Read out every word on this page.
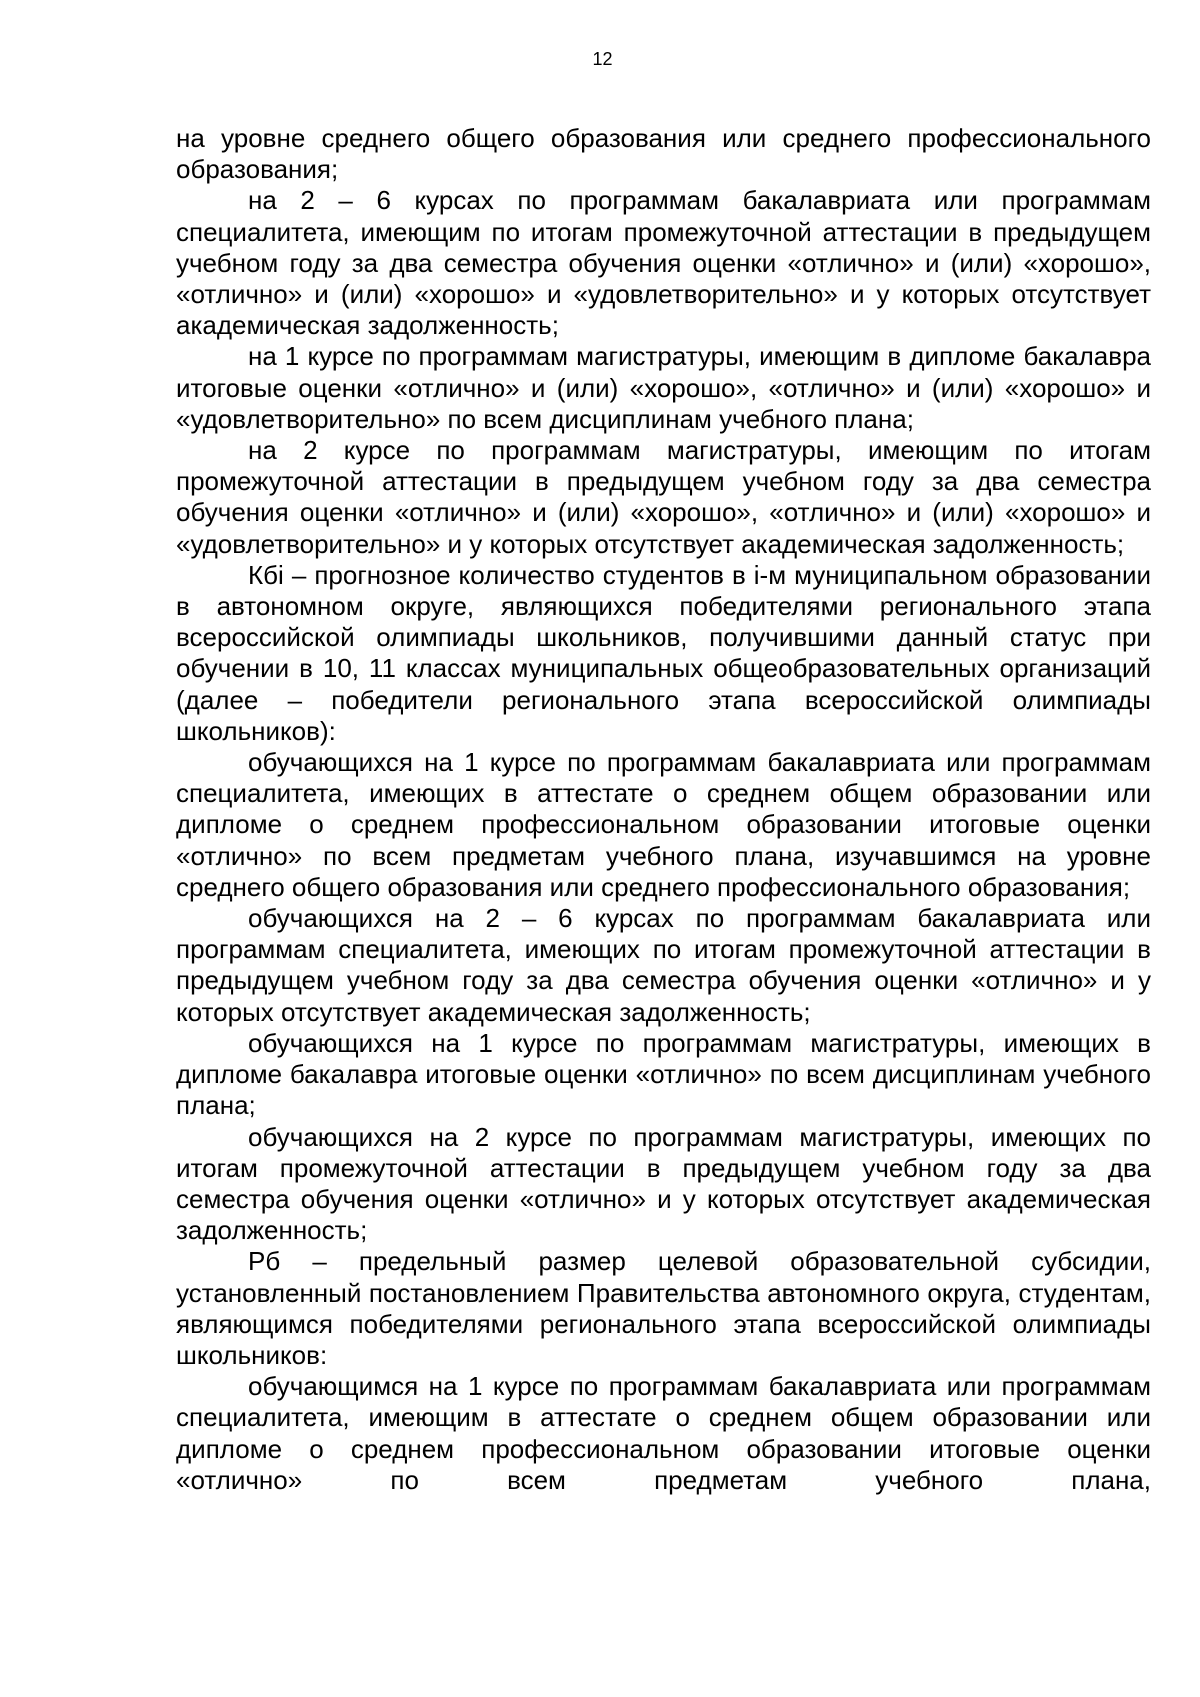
12

на уровне среднего общего образования или среднего профессионального образования;

на 2 – 6 курсах по программам бакалавриата или программам специалитета, имеющим по итогам промежуточной аттестации в предыдущем учебном году за два семестра обучения оценки «отлично» и (или) «хорошо», «отлично» и (или) «хорошо» и «удовлетворительно» и у которых отсутствует академическая задолженность;

на 1 курсе по программам магистратуры, имеющим в дипломе бакалавра итоговые оценки «отлично» и (или) «хорошо», «отлично» и (или) «хорошо» и «удовлетворительно» по всем дисциплинам учебного плана;

на 2 курсе по программам магистратуры, имеющим по итогам промежуточной аттестации в предыдущем учебном году за два семестра обучения оценки «отлично» и (или) «хорошо», «отлично» и (или) «хорошо» и «удовлетворительно» и у которых отсутствует академическая задолженность;

Кбi – прогнозное количество студентов в i-м муниципальном образовании в автономном округе, являющихся победителями регионального этапа всероссийской олимпиады школьников, получившими данный статус при обучении в 10, 11 классах муниципальных общеобразовательных организаций (далее – победители регионального этапа всероссийской олимпиады школьников):

обучающихся на 1 курсе по программам бакалавриата или программам специалитета, имеющих в аттестате о среднем общем образовании или дипломе о среднем профессиональном образовании итоговые оценки «отлично» по всем предметам учебного плана, изучавшимся на уровне среднего общего образования или среднего профессионального образования;

обучающихся на 2 – 6 курсах по программам бакалавриата или программам специалитета, имеющих по итогам промежуточной аттестации в предыдущем учебном году за два семестра обучения оценки «отлично» и у которых отсутствует академическая задолженность;

обучающихся на 1 курсе по программам магистратуры, имеющих в дипломе бакалавра итоговые оценки «отлично» по всем дисциплинам учебного плана;

обучающихся на 2 курсе по программам магистратуры, имеющих по итогам промежуточной аттестации в предыдущем учебном году за два семестра обучения оценки «отлично» и у которых отсутствует академическая задолженность;

Рб – предельный размер целевой образовательной субсидии, установленный постановлением Правительства автономного округа, студентам, являющимся победителями регионального этапа всероссийской олимпиады школьников:

обучающимся на 1 курсе по программам бакалавриата или программам специалитета, имеющим в аттестате о среднем общем образовании или дипломе о среднем профессиональном образовании итоговые оценки «отлично» по всем предметам учебного плана,
